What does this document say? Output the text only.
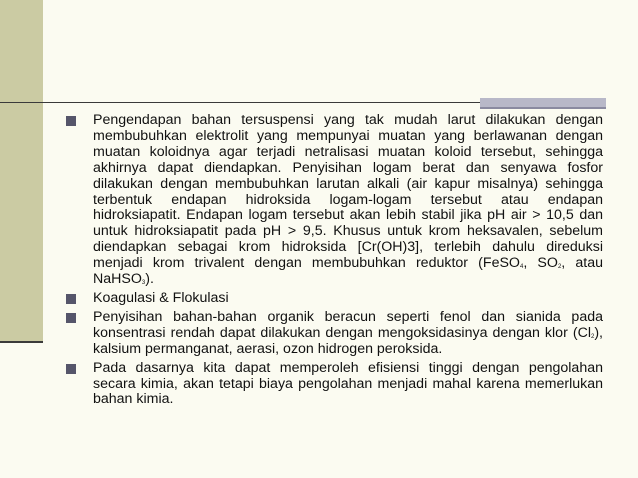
Pengendapan bahan tersuspensi yang tak mudah larut dilakukan dengan membubuhkan elektrolit yang mempunyai muatan yang berlawanan dengan muatan koloidnya agar terjadi netralisasi muatan koloid tersebut, sehingga akhirnya dapat diendapkan. Penyisihan logam berat dan senyawa fosfor dilakukan dengan membubuhkan larutan alkali (air kapur misalnya) sehingga terbentuk endapan hidroksida logam-logam tersebut atau endapan hidroksiapatit. Endapan logam tersebut akan lebih stabil jika pH air > 10,5 dan untuk hidroksiapatit pada pH > 9,5. Khusus untuk krom heksavalen, sebelum diendapkan sebagai krom hidroksida [Cr(OH)3], terlebih dahulu direduksi menjadi krom trivalent dengan membubuhkan reduktor (FeSO$_4$, $SO_2$, atau NaHSO$_3$).
Koagulasi & Flokulasi
Penyisihan bahan-bahan organik beracun seperti fenol dan sianida pada konsentrasi rendah dapat dilakukan dengan mengoksidasinya dengan klor $(Cl_2)$, kalsium permanganat, aerasi, ozon hidrogen peroksida.
Pada dasarnya kita dapat memperoleh efisiensi tinggi dengan pengolahan secara kimia, akan tetapi biaya pengolahan menjadi mahal karena memerlukan bahan kimia.
